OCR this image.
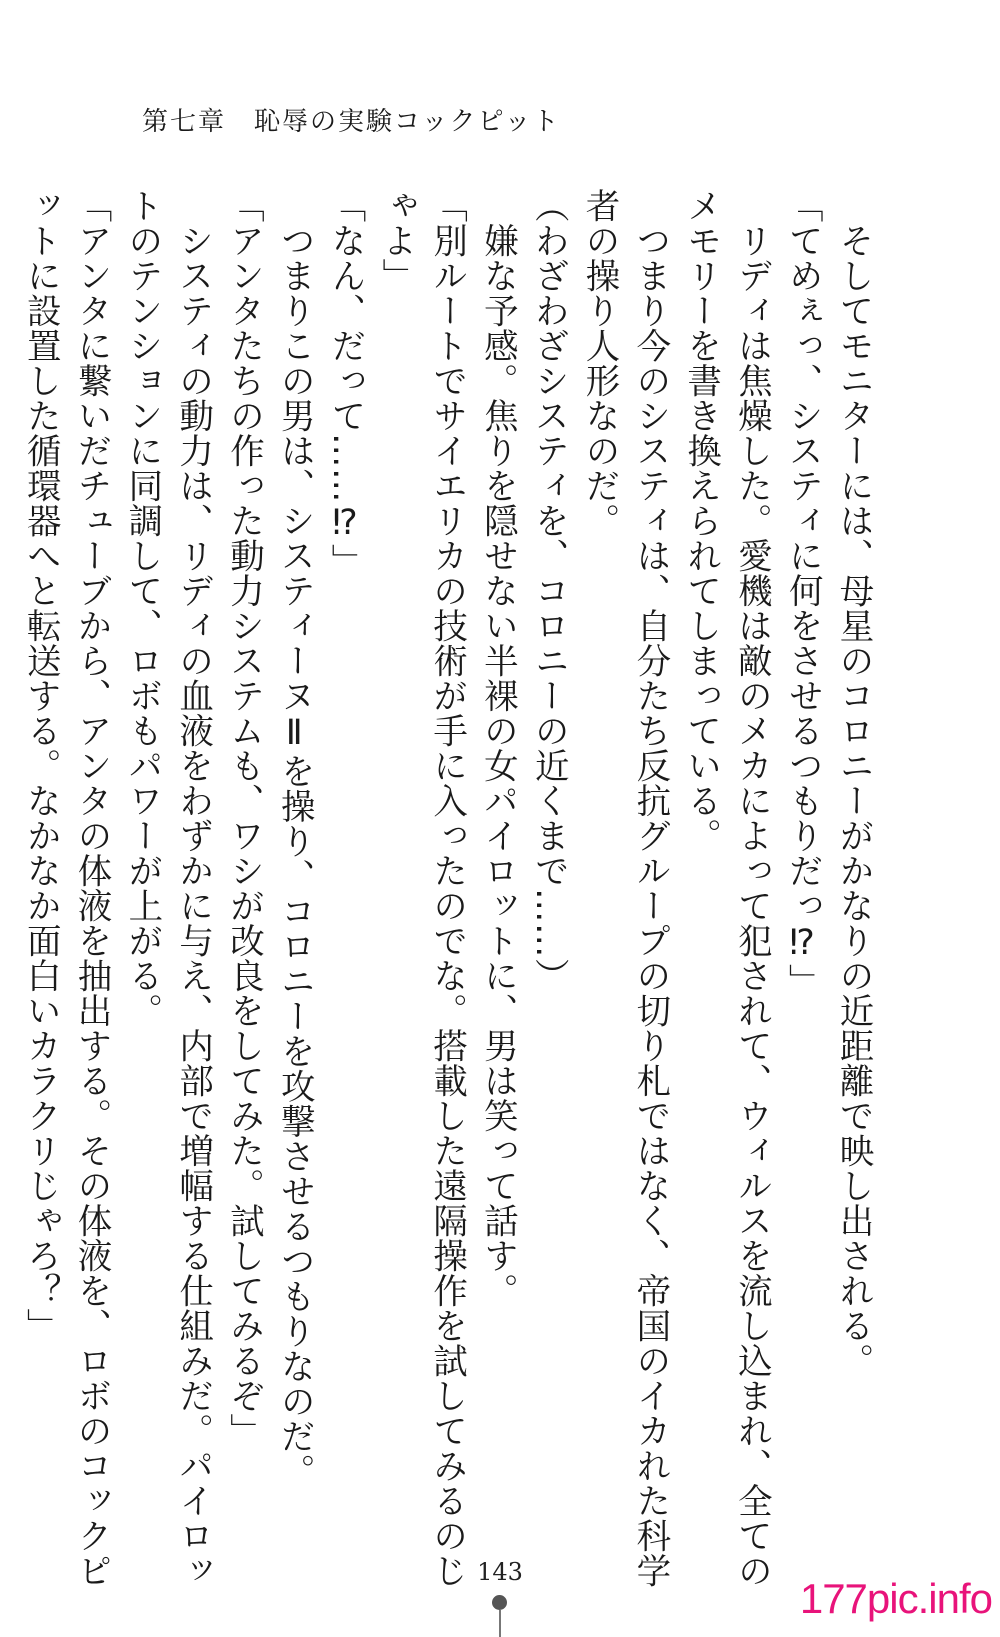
第七章　恥辱の実験コックピット
　そしてモニターには、母星のコロニーがかなりの近距離で映し出される。
「てめぇっ、システィに何をさせるつもりだっ⁉」
　リディは焦燥した。愛機は敵のメカによって犯されて、ウィルスを流し込まれ、全ての
メモリーを書き換えられてしまっている。
　つまり今のシスティは、自分たち反抗グループの切り札ではなく、帝国のイカれた科学
者の操り人形なのだ。
（わざわざシスティを、コロニーの近くまで……）
　嫌な予感。焦りを隠せない半裸の女パイロットに、男は笑って話す。
「別ルートでサイエリカの技術が手に入ったのでな。搭載した遠隔操作を試してみるのじ
ゃよ」
「なん、だって……⁉」
　つまりこの男は、システィーヌⅡを操り、コロニーを攻撃させるつもりなのだ。
「アンタたちの作った動力システムも、ワシが改良をしてみた。試してみるぞ」
　システィの動力は、リディの血液をわずかに与え、内部で増幅する仕組みだ。パイロッ
トのテンションに同調して、ロボもパワーが上がる。
「アンタに繋いだチューブから、アンタの体液を抽出する。その体液を、ロボのコックピ
ットに設置した循環器へと転送する。なかなか面白いカラクリじゃろ？」
143
177pic.info
